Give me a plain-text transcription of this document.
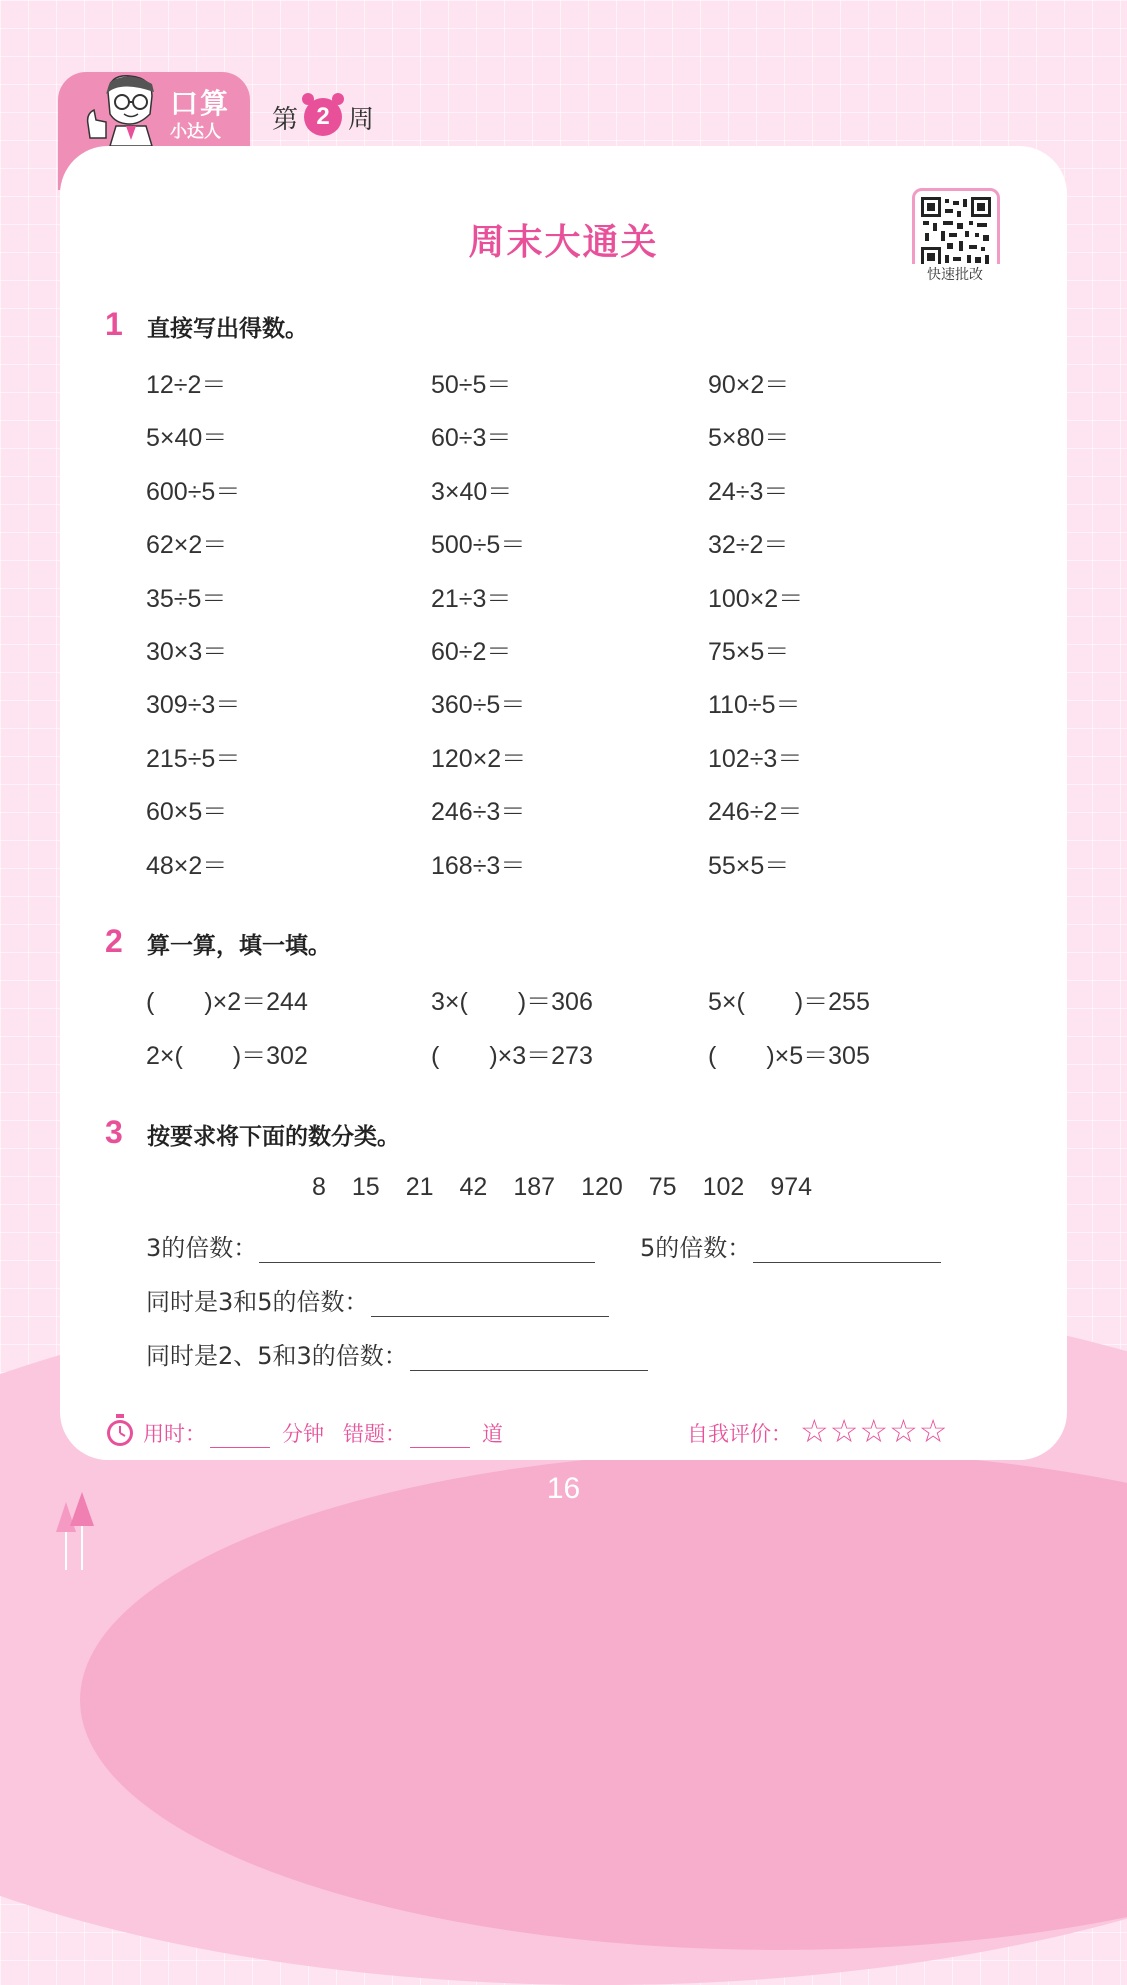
16
口算
小达人 第 2 周
周末大通关
快速批改
1 直接写出得数。
12÷2＝	50÷5＝	90×2＝
5×40＝	60÷3＝	5×80＝
600÷5＝	3×40＝	24÷3＝
62×2＝	500÷5＝	32÷2＝
35÷5＝	21÷3＝	100×2＝
30×3＝	60÷2＝	75×5＝
309÷3＝	360÷5＝	110÷5＝
215÷5＝	120×2＝	102÷3＝
60×5＝	246÷3＝	246÷2＝
48×2＝	168÷3＝	55×5＝
2 算一算，填一填。
(　　)×2＝244	3×(　　)＝306	5×(　　)＝255
2×(　　)＝302	(　　)×3＝273	(　　)×5＝305
3 按要求将下面的数分类。
8 15 21 42 187 120 75 102 974
3的倍数：	5的倍数：
同时是3和5的倍数：
同时是2、5和3的倍数：
用时：	分钟 错题：	道	自我评价： ☆☆☆☆☆
